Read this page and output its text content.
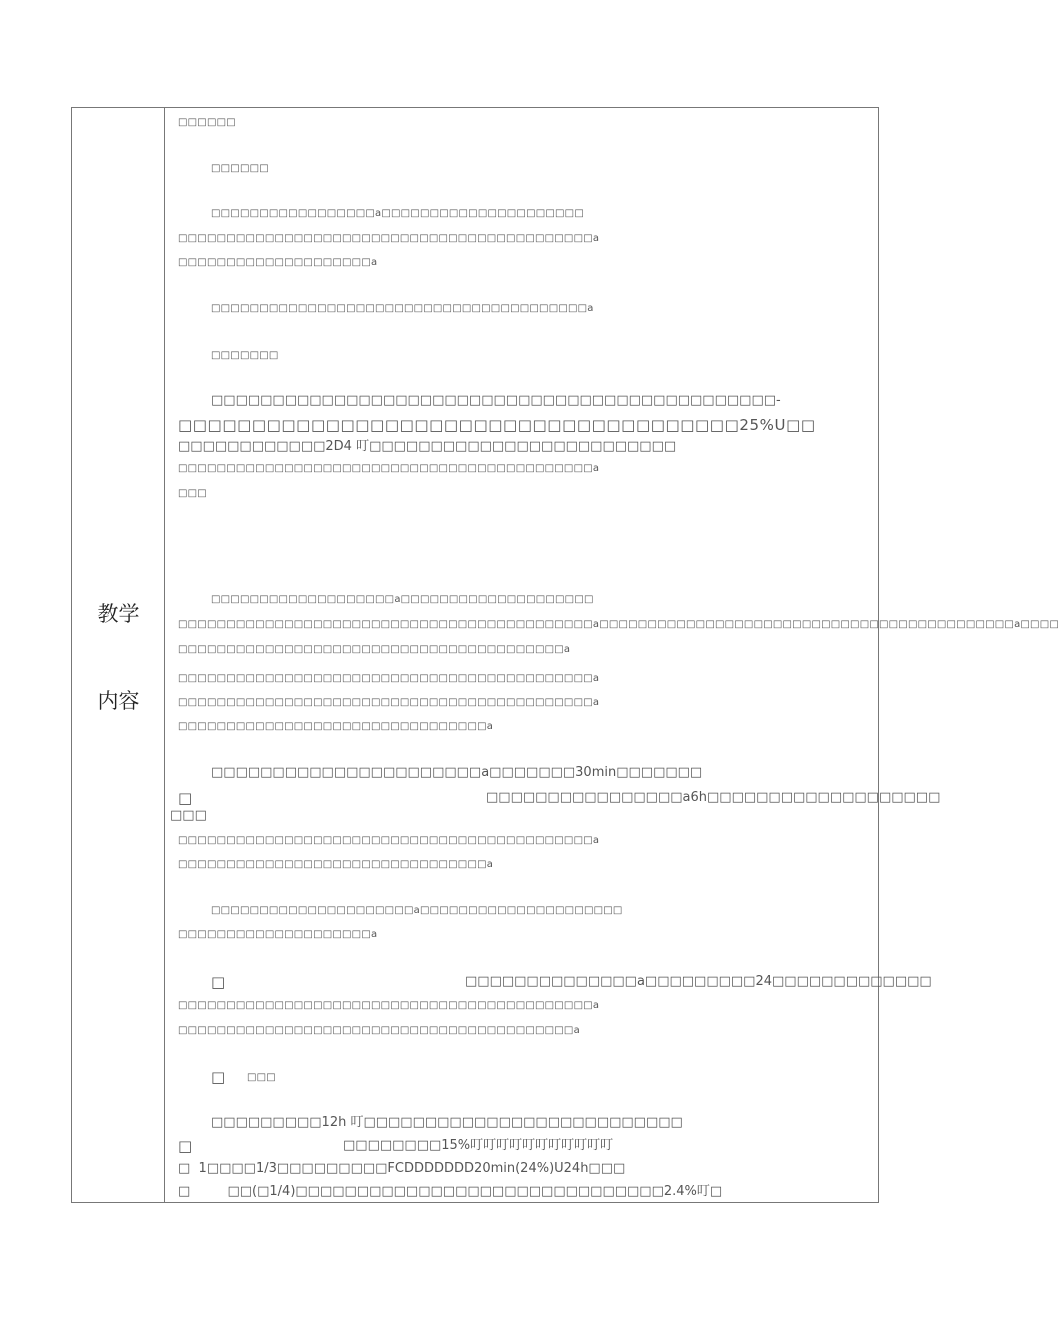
教学
内容
□□□□□□
□□□□□□
□□□□□□□□□□□□□□□□□a□□□□□□□□□□□□□□□□□□□□□
□□□□□□□□□□□□□□□□□□□□□□□□□□□□□□□□□□□□□□□□□□□a
□□□□□□□□□□□□□□□□□□□□a
□□□□□□□□□□□□□□□□□□□□□□□□□□□□□□□□□□□□□□□a
□□□□□□□
□□□□□□□□□□□□□□□□□□□□□□□□□□□□□□□□□□□□□□□□□□□□□□-
□□□□□□□□□□□□□□□□□□□□□□□□□□□□□□□□□□□□□□25%U□□
□□□□□□□□□□□□2D4 叮□□□□□□□□□□□□□□□□□□□□□□□□□
□□□□□□□□□□□□□□□□□□□□□□□□□□□□□□□□□□□□□□□□□□□a
□□□
□□□□□□□□□□□□□□□□□□□a□□□□□□□□□□□□□□□□□□□□
□□□□□□□□□□□□□□□□□□□□□□□□□□□□□□□□□□□□□□□□□□□a□□□□□□□□□□□□□□□□□□□□□□□□□□□□□□□□□□□□□□□□□□□a□□□□
□□□□□□□□□□□□□□□□□□□□□□□□□□□□□□□□□□□□□□□□a
□□□□□□□□□□□□□□□□□□□□□□□□□□□□□□□□□□□□□□□□□□□a
□□□□□□□□□□□□□□□□□□□□□□□□□□□□□□□□□□□□□□□□□□□a
□□□□□□□□□□□□□□□□□□□□□□□□□□□□□□□□a
□□□□□□□□□□□□□□□□□□□□□□a□□□□□□□30min□□□□□□□
□	□□□□□□□□□□□□□□□□a6h□□□□□□□□□□□□□□□□□□□
□□□
□□□□□□□□□□□□□□□□□□□□□□□□□□□□□□□□□□□□□□□□□□□a
□□□□□□□□□□□□□□□□□□□□□□□□□□□□□□□□a
□□□□□□□□□□□□□□□□□□□□□a□□□□□□□□□□□□□□□□□□□□□
□□□□□□□□□□□□□□□□□□□□a
□	□□□□□□□□□□□□□□a□□□□□□□□□24□□□□□□□□□□□□□
□□□□□□□□□□□□□□□□□□□□□□□□□□□□□□□□□□□□□□□□□□□a
□□□□□□□□□□□□□□□□□□□□□□□□□□□□□□□□□□□□□□□□□a
□ □□□
□□□□□□□□□12h 叮□□□□□□□□□□□□□□□□□□□□□□□□□□
□	□□□□□□□□15%叮叮叮叮叮叮叮叮叮叮叮
□  1□□□□1/3□□□□□□□□□FCDDDDDDD20min(24%)U24h□□□
□         □□(□1/4)□□□□□□□□□□□□□□□□□□□□□□□□□□□□□□2.4%叮□
